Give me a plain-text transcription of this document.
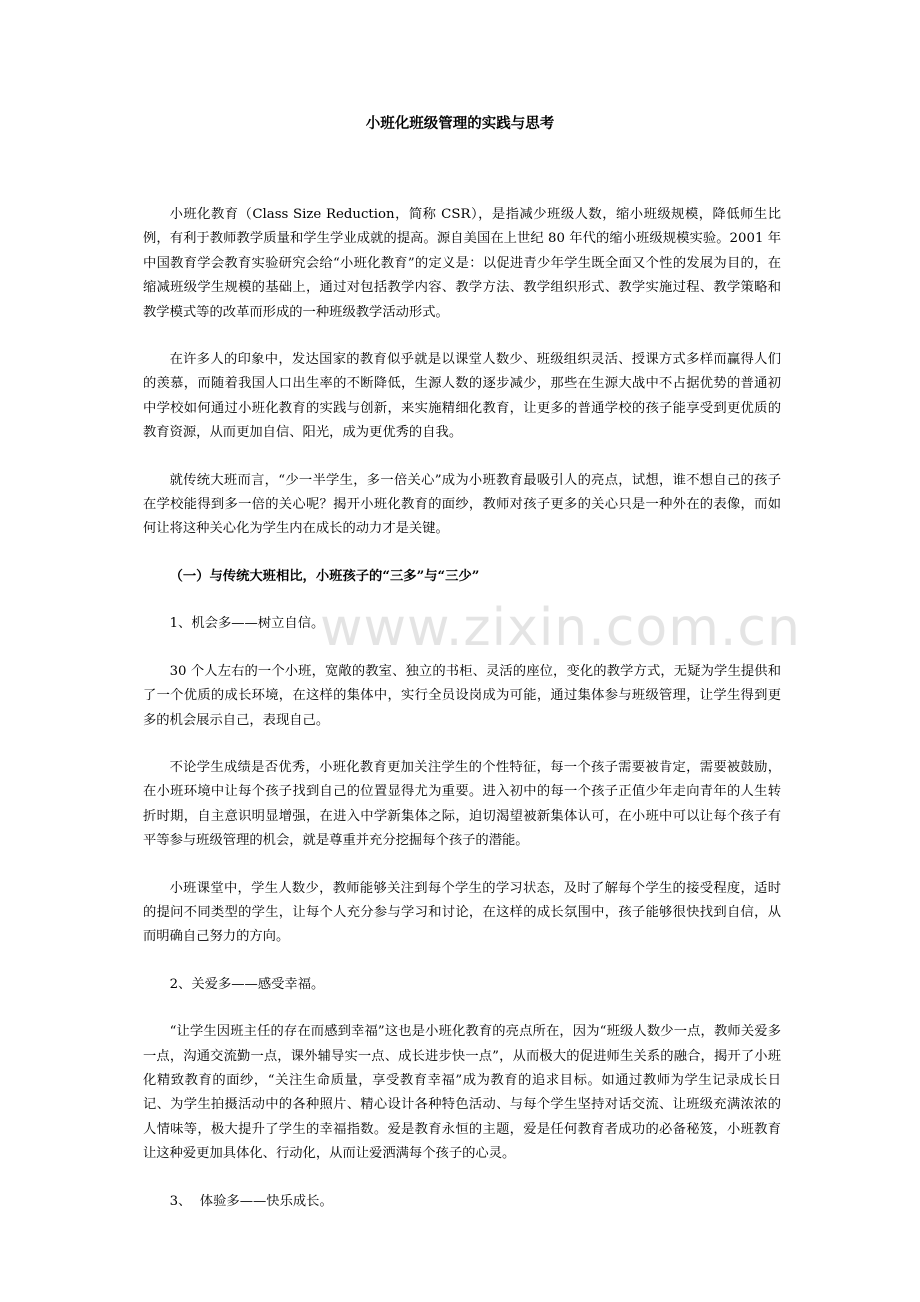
小班化班级管理的实践与思考

小班化教育（Class Size Reduction，简称 CSR），是指减少班级人数，缩小班级规模，降低师生比例，有利于教师教学质量和学生学业成就的提高。源自美国在上世纪 80 年代的缩小班级规模实验。2001 年中国教育学会教育实验研究会给“小班化教育”的定义是：以促进青少年学生既全面又个性的发展为目的，在缩减班级学生规模的基础上，通过对包括教学内容、教学方法、教学组织形式、教学实施过程、教学策略和教学模式等的改革而形成的一种班级教学活动形式。

在许多人的印象中，发达国家的教育似乎就是以课堂人数少、班级组织灵活、授课方式多样而赢得人们的羡慕，而随着我国人口出生率的不断降低，生源人数的逐步减少，那些在生源大战中不占据优势的普通初中学校如何通过小班化教育的实践与创新，来实施精细化教育，让更多的普通学校的孩子能享受到更优质的教育资源，从而更加自信、阳光，成为更优秀的自我。

就传统大班而言，“少一半学生，多一倍关心”成为小班教育最吸引人的亮点，试想，谁不想自己的孩子在学校能得到多一倍的关心呢？揭开小班化教育的面纱，教师对孩子更多的关心只是一种外在的表像，而如何让将这种关心化为学生内在成长的动力才是关键。

（一）与传统大班相比，小班孩子的“三多”与“三少”

1、机会多——树立自信。

30 个人左右的一个小班，宽敞的教室、独立的书柜、灵活的座位，变化的教学方式，无疑为学生提供和了一个优质的成长环境，在这样的集体中，实行全员设岗成为可能，通过集体参与班级管理，让学生得到更多的机会展示自己，表现自己。

不论学生成绩是否优秀，小班化教育更加关注学生的个性特征，每一个孩子需要被肯定，需要被鼓励，在小班环境中让每个孩子找到自己的位置显得尤为重要。进入初中的每一个孩子正值少年走向青年的人生转折时期，自主意识明显增强，在进入中学新集体之际，迫切渴望被新集体认可，在小班中可以让每个孩子有平等参与班级管理的机会，就是尊重并充分挖掘每个孩子的潜能。

小班课堂中，学生人数少，教师能够关注到每个学生的学习状态，及时了解每个学生的接受程度，适时的提问不同类型的学生，让每个人充分参与学习和讨论，在这样的成长氛围中，孩子能够很快找到自信，从而明确自己努力的方向。

2、关爱多——感受幸福。

“让学生因班主任的存在而感到幸福”这也是小班化教育的亮点所在，因为“班级人数少一点，教师关爱多一点，沟通交流勤一点，课外辅导实一点、成长进步快一点”，从而极大的促进师生关系的融合，揭开了小班化精致教育的面纱，“关注生命质量，享受教育幸福”成为教育的追求目标。如通过教师为学生记录成长日记、为学生拍摄活动中的各种照片、精心设计各种特色活动、与每个学生坚持对话交流、让班级充满浓浓的人情味等，极大提升了学生的幸福指数。爱是教育永恒的主题，爱是任何教育者成功的必备秘笈，小班教育让这种爱更加具体化、行动化，从而让爱洒满每个孩子的心灵。

3、  体验多——快乐成长。

www.zixin.com.cn
